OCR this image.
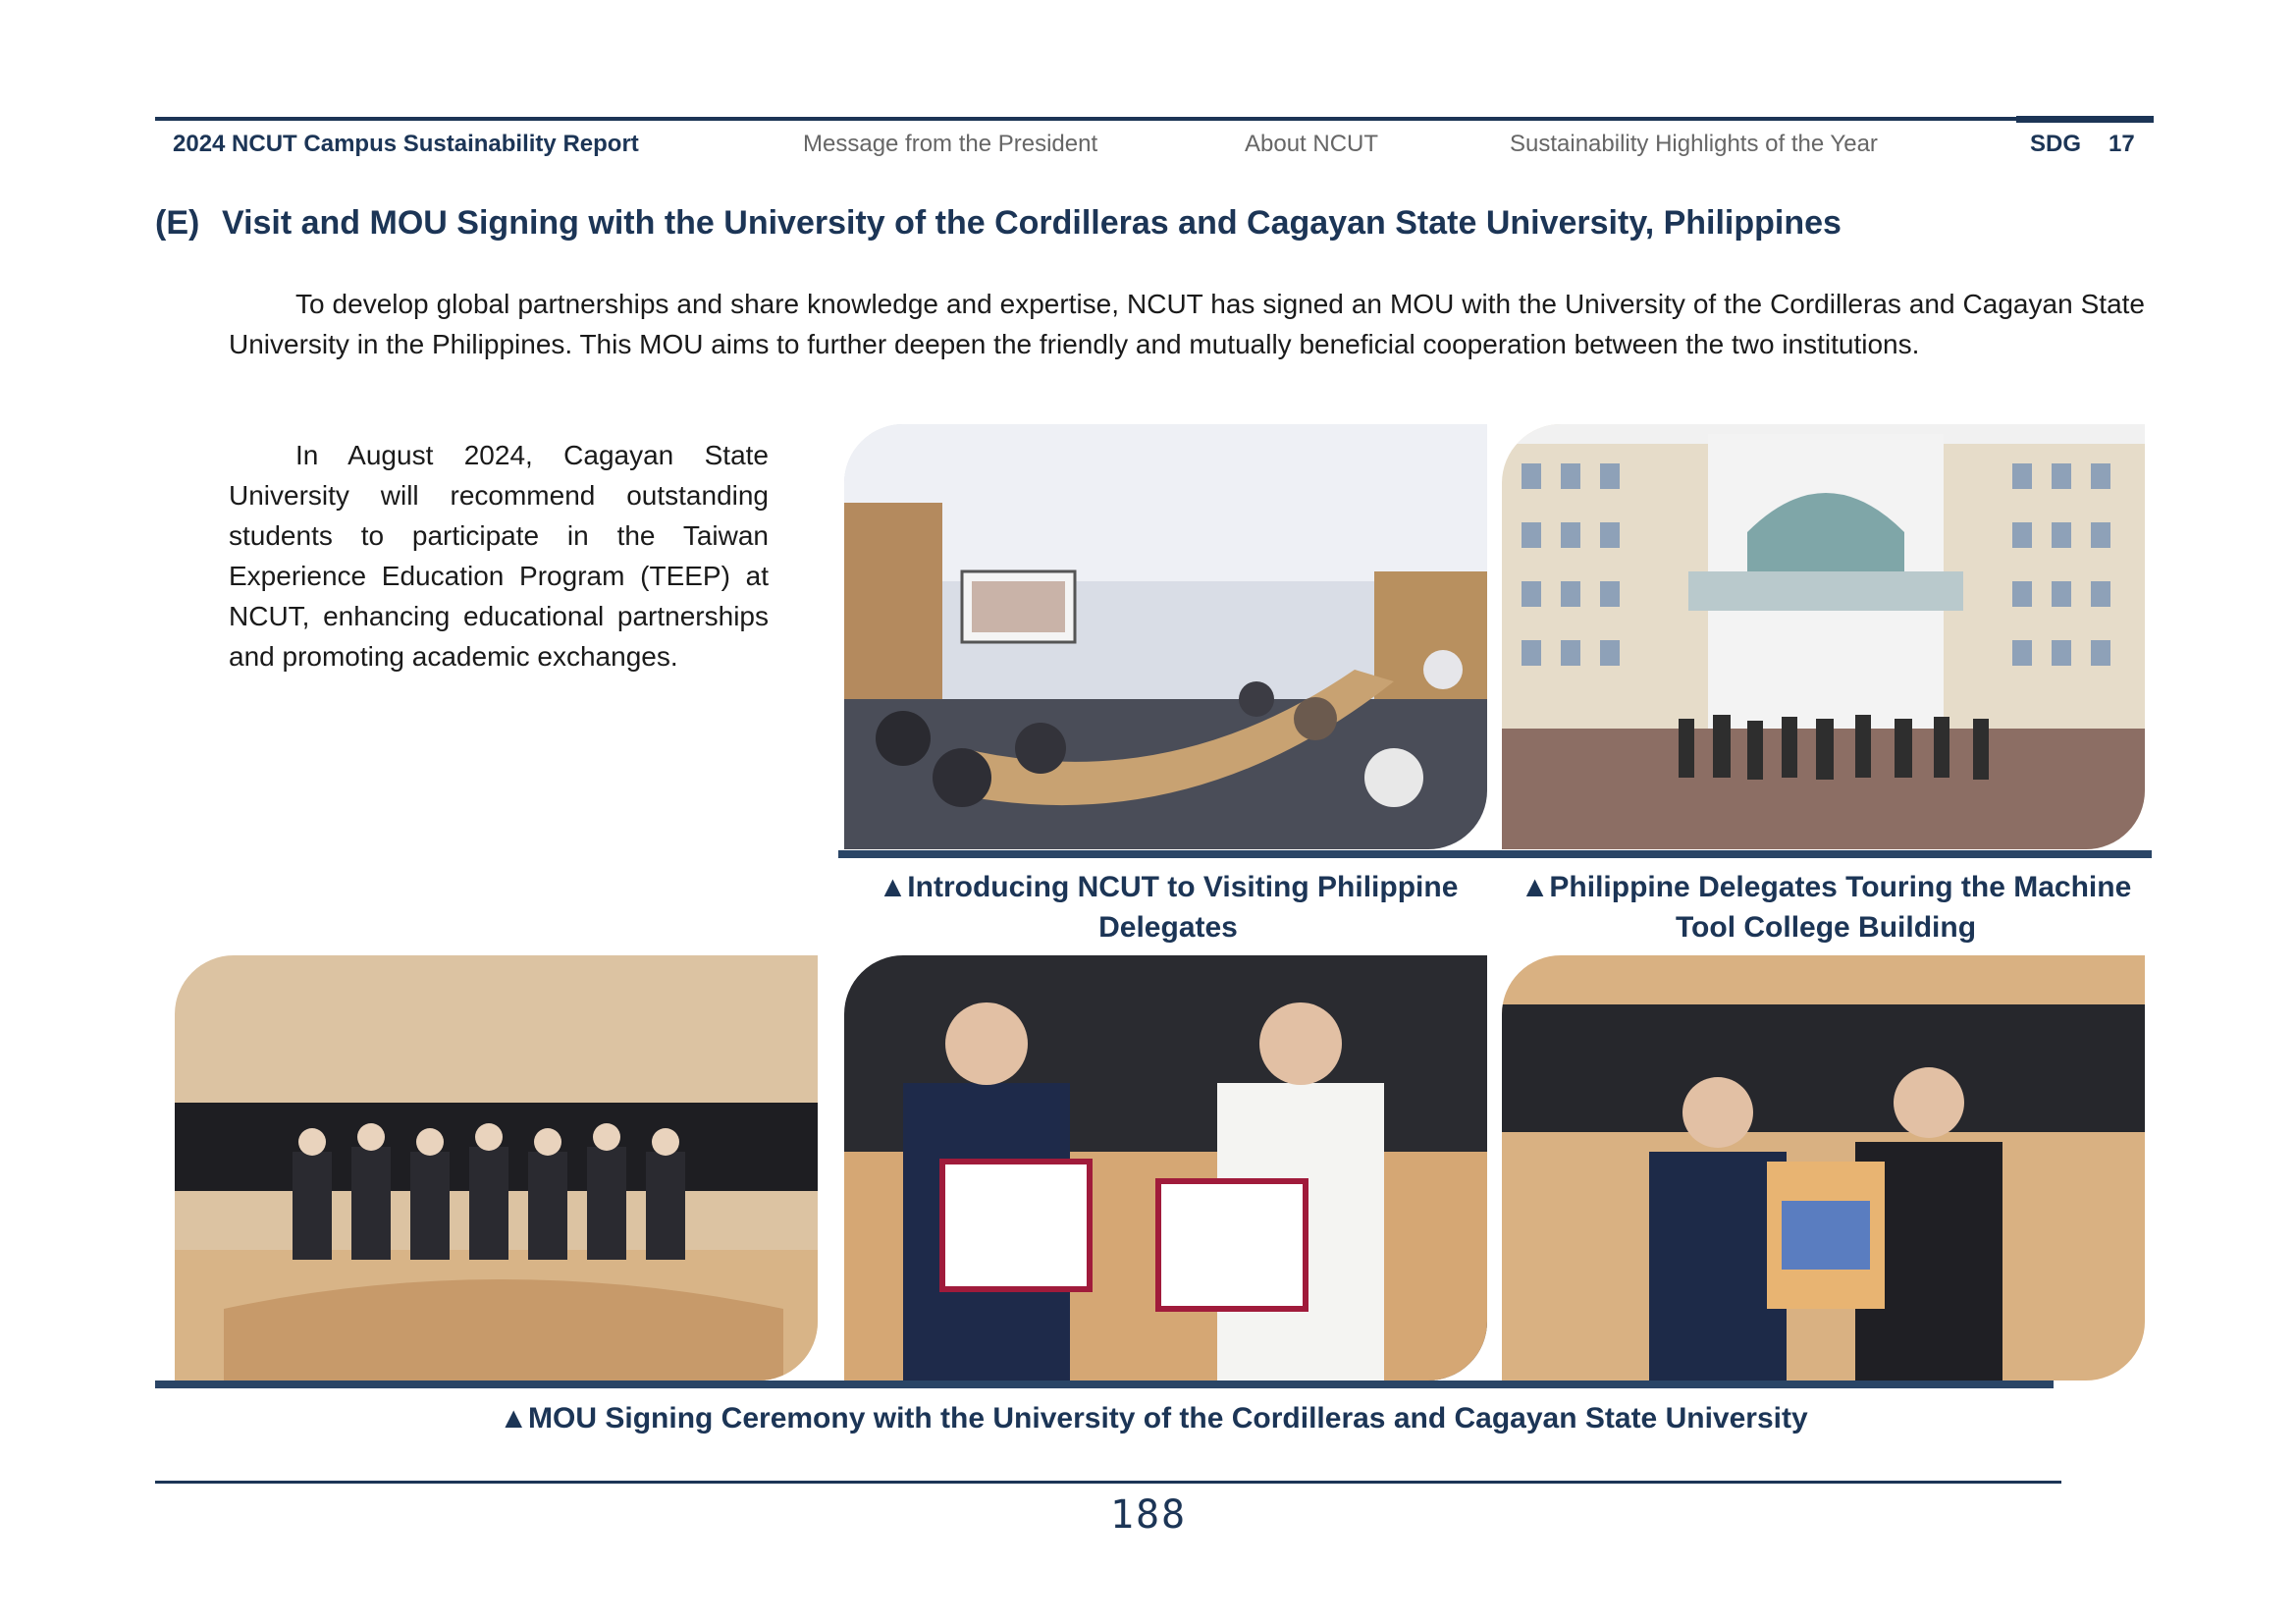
2024 NCUT Campus Sustainability Report	Message from the President	About NCUT	Sustainability Highlights of the Year	SDG 17
(E) Visit and MOU Signing with the University of the Cordilleras and Cagayan State University, Philippines
To develop global partnerships and share knowledge and expertise, NCUT has signed an MOU with the University of the Cordilleras and Cagayan State University in the Philippines. This MOU aims to further deepen the friendly and mutually beneficial cooperation between the two institutions.
In August 2024, Cagayan State University will recommend outstanding students to participate in the Taiwan Experience Education Program (TEEP) at NCUT, enhancing educational partnerships and promoting academic exchanges.
▲Introducing NCUT to Visiting Philippine Delegates
▲Philippine Delegates Touring the Machine Tool College Building
▲MOU Signing Ceremony with the University of the Cordilleras and Cagayan State University
188
